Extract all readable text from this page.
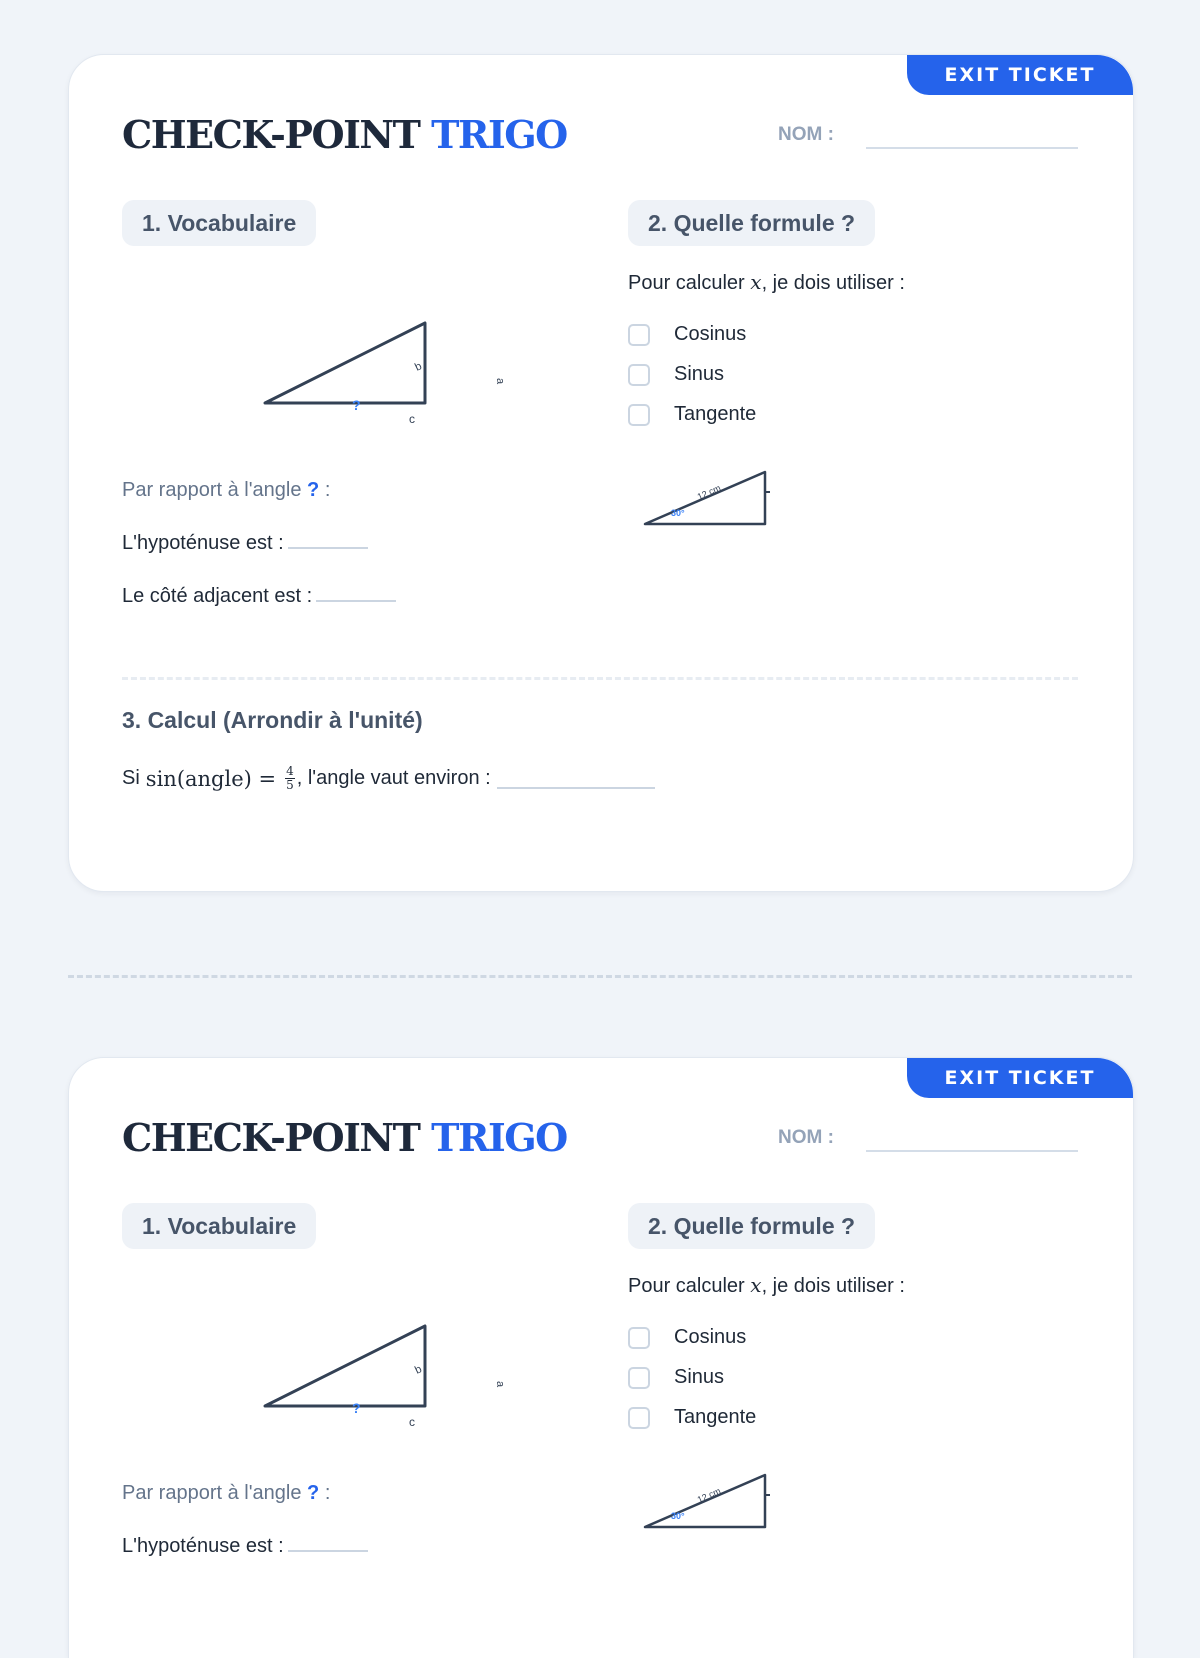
EXIT TICKET
CHECK-POINT TRIGO	NOM :
1. Vocabulaire
b
a
c
?
Pour calculer x, je dois utiliser :
2. Quelle formule ?
Cosinus
Sinus
Tangente
12 cm
30°
Par rapport à l'angle ? :
L'hypoténuse est :
Le côté adjacent est :
3. Calcul (Arrondir à l'unité)
Si sin(angle) = $\frac{4}{5}$ , l'angle vaut environ :
EXIT TICKET
CHECK-POINT TRIGO	NOM :
1. Vocabulaire
b
a
c
?
Pour calculer x, je dois utiliser :
2. Quelle formule ?
Cosinus
Sinus
Tangente
12 cm
30°
Par rapport à l'angle ? :
L'hypoténuse est :
